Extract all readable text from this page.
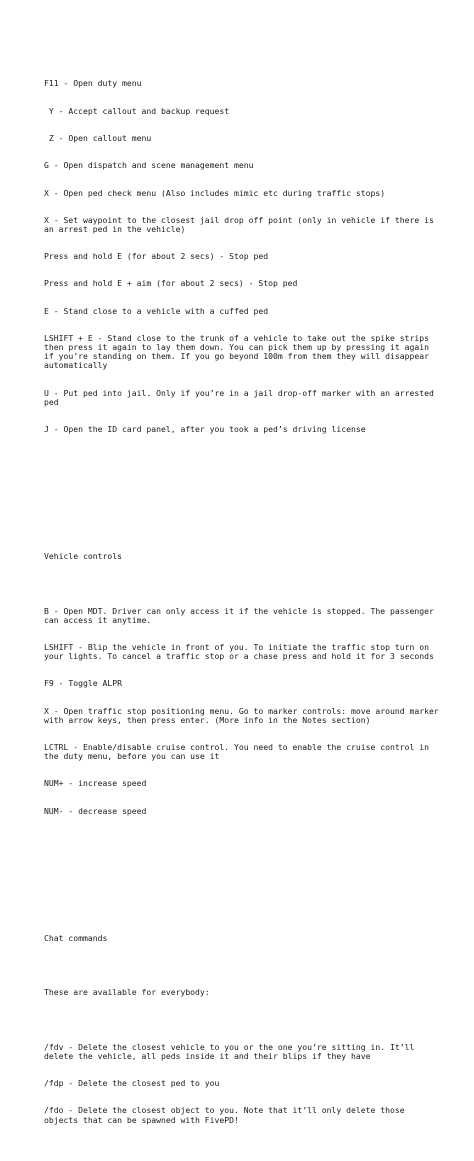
F11 - Open duty menu

Y - Accept callout and backup request

Z - Open callout menu

G - Open dispatch and scene management menu

X - Open ped check menu (Also includes mimic etc during traffic stops)

X - Set waypoint to the closest jail drop off point (only in vehicle if there is an arrest ped in the vehicle)

Press and hold E (for about 2 secs) - Stop ped

Press and hold E + aim (for about 2 secs) - Stop ped

E - Stand close to a vehicle with a cuffed ped

LSHIFT + E - Stand close to the trunk of a vehicle to take out the spike strips then press it again to lay them down. You can pick them up by pressing it again if you’re standing on them. If you go beyond 100m from them they will disappear automatically

U - Put ped into jail. Only if you’re in a jail drop-off marker with an arrested ped

J - Open the ID card panel, after you took a ped’s driving license

Vehicle controls

B - Open MDT. Driver can only access it if the vehicle is stopped. The passenger can access it anytime.

LSHIFT - Blip the vehicle in front of you. To initiate the traffic stop turn on your lights. To cancel a traffic stop or a chase press and hold it for 3 seconds

F9 - Toggle ALPR

X - Open traffic stop positioning menu. Go to marker controls: move around marker with arrow keys, then press enter. (More info in the Notes section)

LCTRL - Enable/disable cruise control. You need to enable the cruise control in the duty menu, before you can use it

NUM+ - increase speed

NUM- - decrease speed

Chat commands

These are available for everybody:

/fdv - Delete the closest vehicle to you or the one you’re sitting in. It’ll delete the vehicle, all peds inside it and their blips if they have

/fdp - Delete the closest ped to you

/fdo - Delete the closest object to you. Note that it’ll only delete those objects that can be spawned with FivePD!
